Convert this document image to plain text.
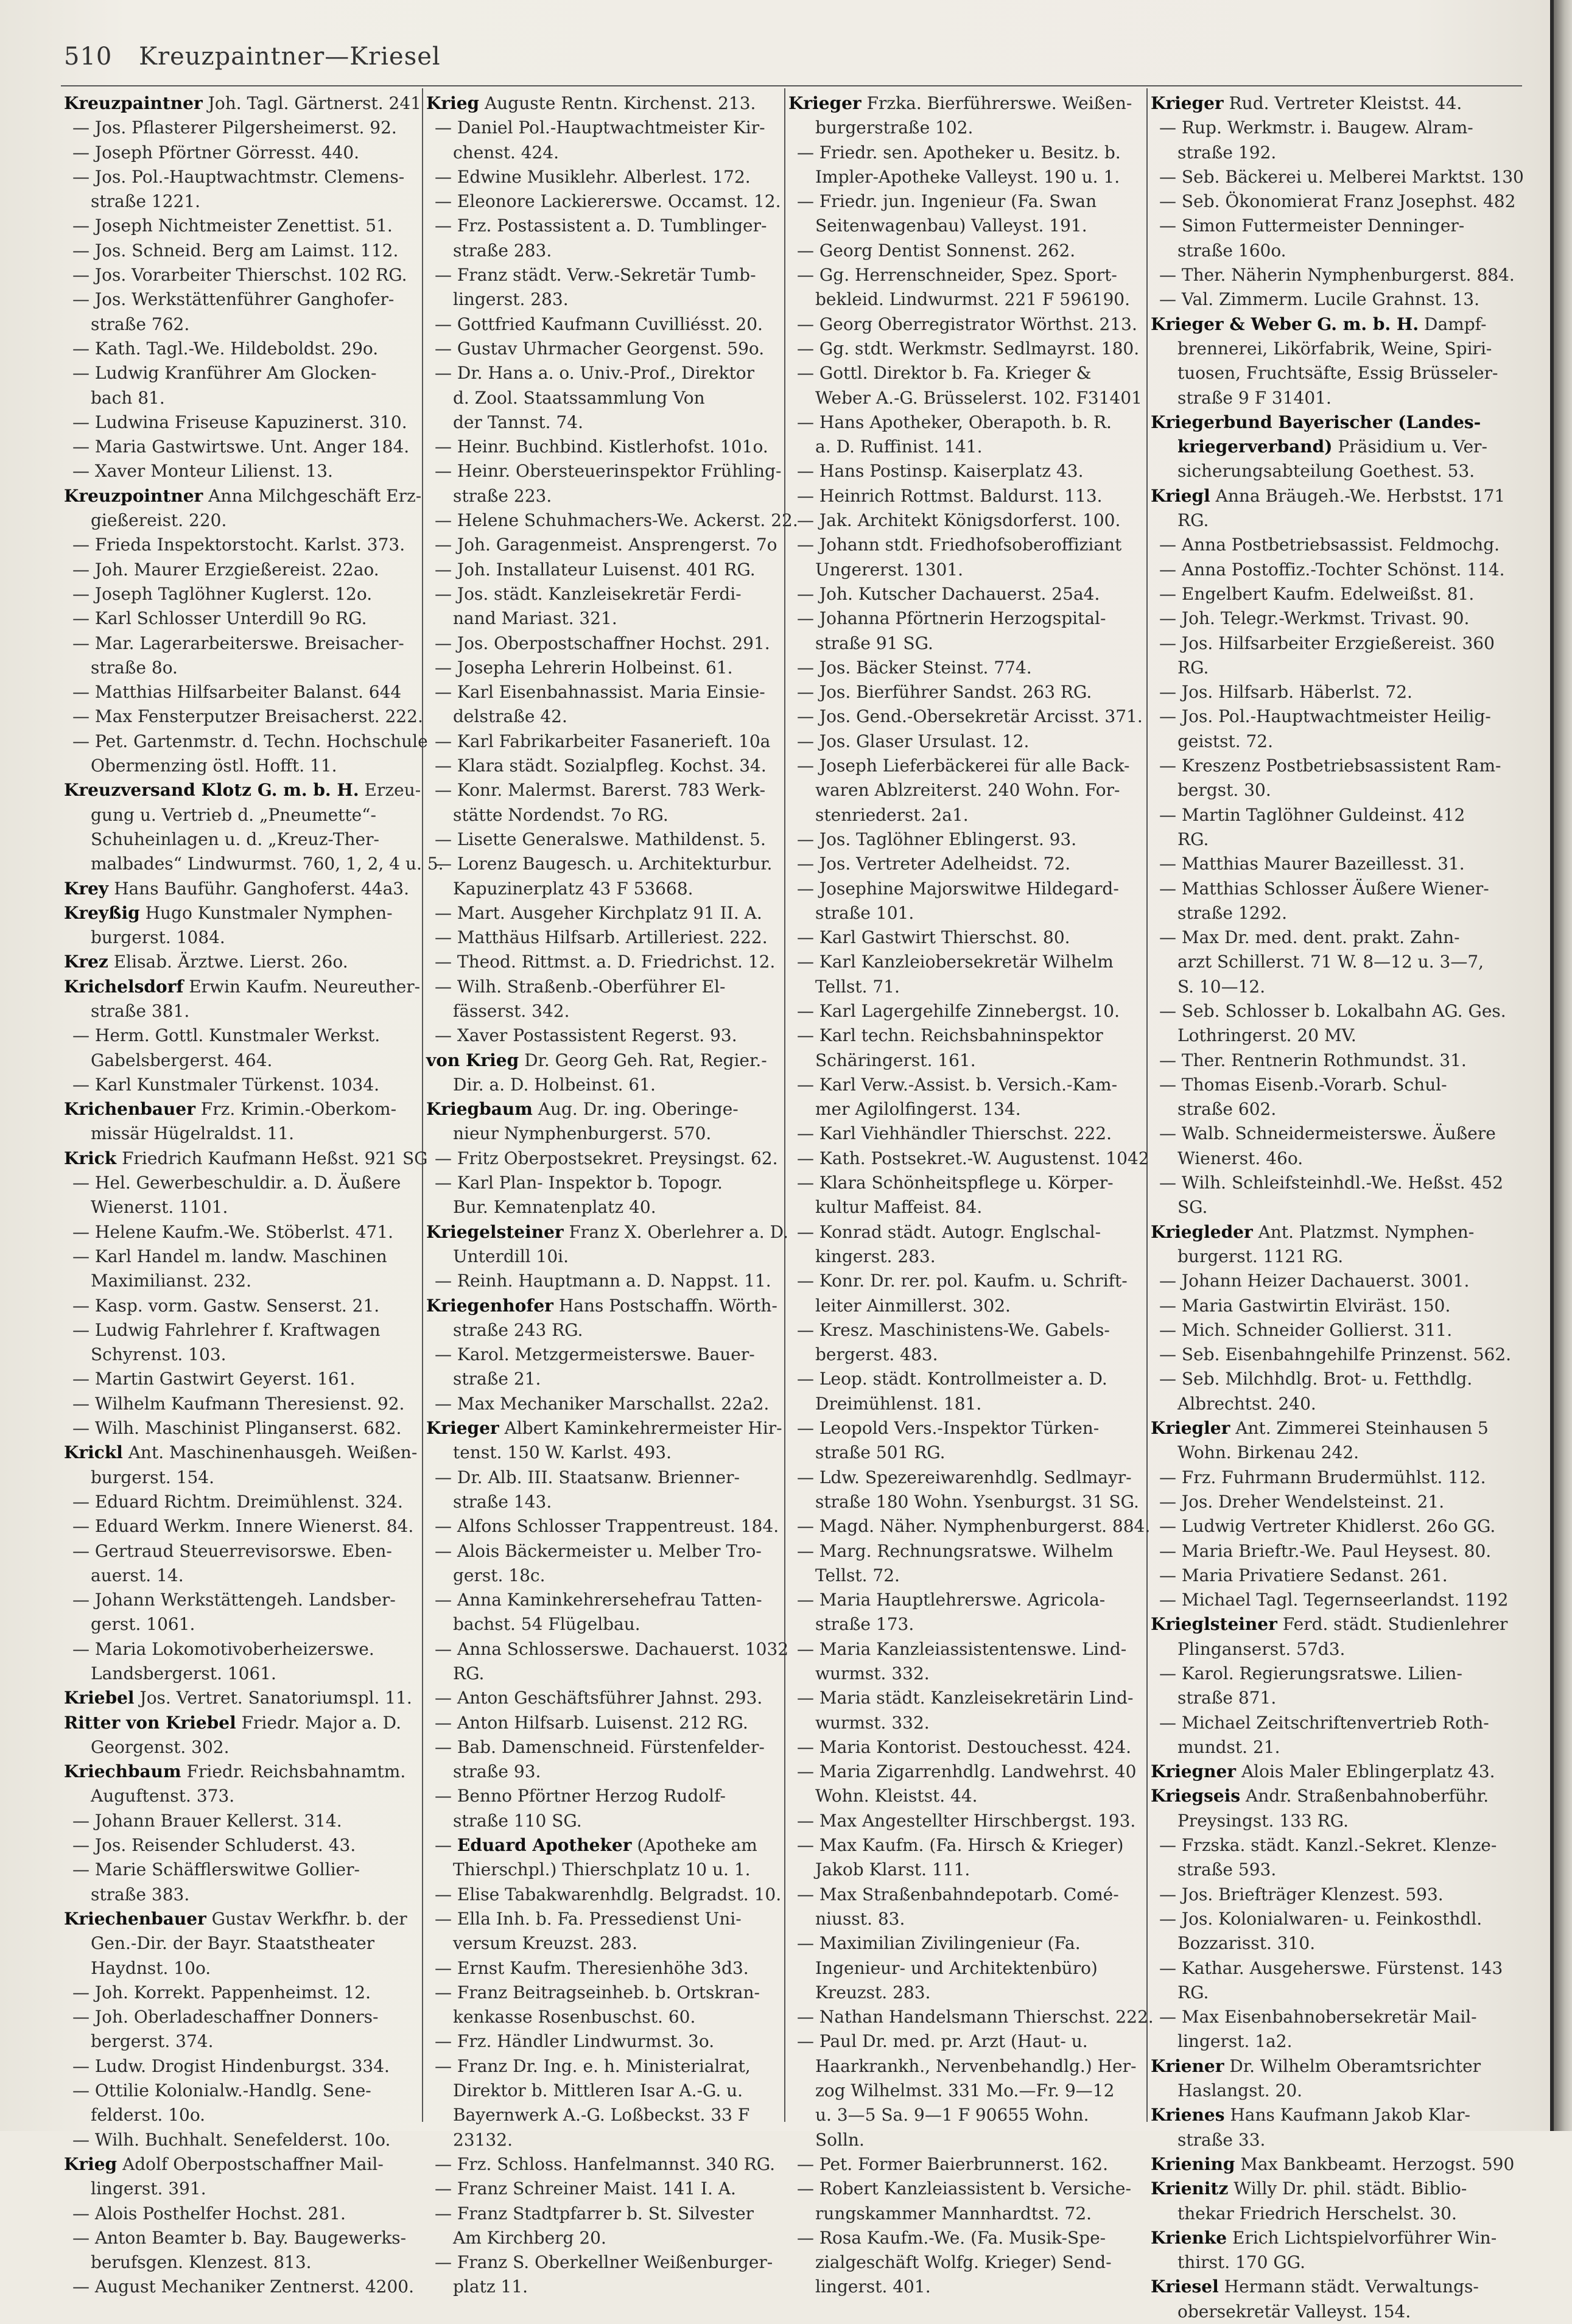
510 Kreuzpaintner—Kriesel
Kreuzpaintner Joh. Tagl. Gärtnerst. 241
— Jos. Pflasterer Pilgersheimerst. 92.
— Joseph Pförtner Görresst. 440.
— Jos. Pol.-Hauptwachtmstr. Clemens-
straße 1221.
— Joseph Nichtmeister Zenettist. 51.
— Jos. Schneid. Berg am Laimst. 112.
— Jos. Vorarbeiter Thierschst. 102 RG.
— Jos. Werkstättenführer Ganghofer-
straße 762.
— Kath. Tagl.-We. Hildeboldst. 29o.
— Ludwig Kranführer Am Glocken-
bach 81.
— Ludwina Friseuse Kapuzinerst. 310.
— Maria Gastwirtswe. Unt. Anger 184.
— Xaver Monteur Lilienst. 13.
Kreuzpointner Anna Milchgeschäft Erz-
gießereist. 220.
— Frieda Inspektorstocht. Karlst. 373.
— Joh. Maurer Erzgießereist. 22ao.
— Joseph Taglöhner Kuglerst. 12o.
— Karl Schlosser Unterdill 9o RG.
— Mar. Lagerarbeiterswe. Breisacher-
straße 8o.
— Matthias Hilfsarbeiter Balanst. 644
— Max Fensterputzer Breisacherst. 222.
— Pet. Gartenmstr. d. Techn. Hochschule
Obermenzing östl. Hofft. 11.
Kreuzversand Klotz G. m. b. H. Erzeu-
gung u. Vertrieb d. „Pneumette“-
Schuheinlagen u. d. „Kreuz-Ther-
malbades“ Lindwurmst. 760, 1, 2, 4 u. 5.
Krey Hans Bauführ. Ganghoferst. 44a3.
Kreyßig Hugo Kunstmaler Nymphen-
burgerst. 1084.
Krez Elisab. Ärztwe. Lierst. 26o.
Krichelsdorf Erwin Kaufm. Neureuther-
straße 381.
— Herm. Gottl. Kunstmaler Werkst.
Gabelsbergerst. 464.
— Karl Kunstmaler Türkenst. 1034.
Krichenbauer Frz. Krimin.-Oberkom-
missär Hügelraldst. 11.
Krick Friedrich Kaufmann Heßst. 921 SG
— Hel. Gewerbeschuldir. a. D. Äußere
Wienerst. 1101.
— Helene Kaufm.-We. Stöberlst. 471.
— Karl Handel m. landw. Maschinen
Maximilianst. 232.
— Kasp. vorm. Gastw. Senserst. 21.
— Ludwig Fahrlehrer f. Kraftwagen
Schyrenst. 103.
— Martin Gastwirt Geyerst. 161.
— Wilhelm Kaufmann Theresienst. 92.
— Wilh. Maschinist Plinganserst. 682.
Krickl Ant. Maschinenhausgeh. Weißen-
burgerst. 154.
— Eduard Richtm. Dreimühlenst. 324.
— Eduard Werkm. Innere Wienerst. 84.
— Gertraud Steuerrevisorswe. Eben-
auerst. 14.
— Johann Werkstättengeh. Landsber-
gerst. 1061.
— Maria Lokomotivoberheizerswe.
Landsbergerst. 1061.
Kriebel Jos. Vertret. Sanatoriumspl. 11.
Ritter von Kriebel Friedr. Major a. D.
Georgenst. 302.
Kriechbaum Friedr. Reichsbahnamtm.
Auguftenst. 373.
— Johann Brauer Kellerst. 314.
— Jos. Reisender Schluderst. 43.
— Marie Schäfflerswitwe Gollier-
straße 383.
Kriechenbauer Gustav Werkfhr. b. der
Gen.-Dir. der Bayr. Staatstheater
Haydnst. 10o.
— Joh. Korrekt. Pappenheimst. 12.
— Joh. Oberladeschaffner Donners-
bergerst. 374.
— Ludw. Drogist Hindenburgst. 334.
— Ottilie Kolonialw.-Handlg. Sene-
felderst. 10o.
— Wilh. Buchhalt. Senefelderst. 10o.
Krieg Adolf Oberpostschaffner Mail-
lingerst. 391.
— Alois Posthelfer Hochst. 281.
— Anton Beamter b. Bay. Baugewerks-
berufsgen. Klenzest. 813.
— August Mechaniker Zentnerst. 4200.
Krieg Auguste Rentn. Kirchenst. 213.
— Daniel Pol.-Hauptwachtmeister Kir-
chenst. 424.
— Edwine Musiklehr. Alberlest. 172.
— Eleonore Lackiererswe. Occamst. 12.
— Frz. Postassistent a. D. Tumblinger-
straße 283.
— Franz städt. Verw.-Sekretär Tumb-
lingerst. 283.
— Gottfried Kaufmann Cuvilliésst. 20.
— Gustav Uhrmacher Georgenst. 59o.
— Dr. Hans a. o. Univ.-Prof., Direktor
d. Zool. Staatssammlung Von
der Tannst. 74.
— Heinr. Buchbind. Kistlerhofst. 101o.
— Heinr. Obersteuerinspektor Frühling-
straße 223.
— Helene Schuhmachers-We. Ackerst. 22.
— Joh. Garagenmeist. Ansprengerst. 7o
— Joh. Installateur Luisenst. 401 RG.
— Jos. städt. Kanzleisekretär Ferdi-
nand Mariast. 321.
— Jos. Oberpostschaffner Hochst. 291.
— Josepha Lehrerin Holbeinst. 61.
— Karl Eisenbahnassist. Maria Einsie-
delstraße 42.
— Karl Fabrikarbeiter Fasanerieft. 10a
— Klara städt. Sozialpfleg. Kochst. 34.
— Konr. Malermst. Barerst. 783 Werk-
stätte Nordendst. 7o RG.
— Lisette Generalswe. Mathildenst. 5.
— Lorenz Baugesch. u. Architekturbur.
Kapuzinerplatz 43 F 53668.
— Mart. Ausgeher Kirchplatz 91 II. A.
— Matthäus Hilfsarb. Artilleriest. 222.
— Theod. Rittmst. a. D. Friedrichst. 12.
— Wilh. Straßenb.-Oberführer El-
fässerst. 342.
— Xaver Postassistent Regerst. 93.
von Krieg Dr. Georg Geh. Rat, Regier.-
Dir. a. D. Holbeinst. 61.
Kriegbaum Aug. Dr. ing. Oberinge-
nieur Nymphenburgerst. 570.
— Fritz Oberpostsekret. Preysingst. 62.
— Karl Plan- Inspektor b. Topogr.
Bur. Kemnatenplatz 40.
Kriegelsteiner Franz X. Oberlehrer a. D.
Unterdill 10i.
— Reinh. Hauptmann a. D. Nappst. 11.
Kriegenhofer Hans Postschaffn. Wörth-
straße 243 RG.
— Karol. Metzgermeisterswe. Bauer-
straße 21.
— Max Mechaniker Marschallst. 22a2.
Krieger Albert Kaminkehrermeister Hir-
tenst. 150 W. Karlst. 493.
— Dr. Alb. III. Staatsanw. Brienner-
straße 143.
— Alfons Schlosser Trappentreust. 184.
— Alois Bäckermeister u. Melber Tro-
gerst. 18c.
— Anna Kaminkehrersehefrau Tatten-
bachst. 54 Flügelbau.
— Anna Schlosserswe. Dachauerst. 1032
RG.
— Anton Geschäftsführer Jahnst. 293.
— Anton Hilfsarb. Luisenst. 212 RG.
— Bab. Damenschneid. Fürstenfelder-
straße 93.
— Benno Pförtner Herzog Rudolf-
straße 110 SG.
— Eduard Apotheker (Apotheke am
Thierschpl.) Thierschplatz 10 u. 1.
— Elise Tabakwarenhdlg. Belgradst. 10.
— Ella Inh. b. Fa. Pressedienst Uni-
versum Kreuzst. 283.
— Ernst Kaufm. Theresienhöhe 3d3.
— Franz Beitragseinheb. b. Ortskran-
kenkasse Rosenbuschst. 60.
— Frz. Händler Lindwurmst. 3o.
— Franz Dr. Ing. e. h. Ministerialrat,
Direktor b. Mittleren Isar A.-G. u.
Bayernwerk A.-G. Loßbeckst. 33 F
23132.
— Frz. Schloss. Hanfelmannst. 340 RG.
— Franz Schreiner Maist. 141 I. A.
— Franz Stadtpfarrer b. St. Silvester
Am Kirchberg 20.
— Franz S. Oberkellner Weißenburger-
platz 11.
Krieger Frzka. Bierführerswe. Weißen-
burgerstraße 102.
— Friedr. sen. Apotheker u. Besitz. b.
Impler-Apotheke Valleyst. 190 u. 1.
— Friedr. jun. Ingenieur (Fa. Swan
Seitenwagenbau) Valleyst. 191.
— Georg Dentist Sonnenst. 262.
— Gg. Herrenschneider, Spez. Sport-
bekleid. Lindwurmst. 221 F 596190.
— Georg Oberregistrator Wörthst. 213.
— Gg. stdt. Werkmstr. Sedlmayrst. 180.
— Gottl. Direktor b. Fa. Krieger &
Weber A.-G. Brüsselerst. 102. F31401
— Hans Apotheker, Oberapoth. b. R.
a. D. Ruffinist. 141.
— Hans Postinsp. Kaiserplatz 43.
— Heinrich Rottmst. Baldurst. 113.
— Jak. Architekt Königsdorferst. 100.
— Johann stdt. Friedhofsoberoffiziant
Ungererst. 1301.
— Joh. Kutscher Dachauerst. 25a4.
— Johanna Pförtnerin Herzogspital-
straße 91 SG.
— Jos. Bäcker Steinst. 774.
— Jos. Bierführer Sandst. 263 RG.
— Jos. Gend.-Obersekretär Arcisst. 371.
— Jos. Glaser Ursulast. 12.
— Joseph Lieferbäckerei für alle Back-
waren Ablzreiterst. 240 Wohn. For-
stenriederst. 2a1.
— Jos. Taglöhner Eblingerst. 93.
— Jos. Vertreter Adelheidst. 72.
— Josephine Majorswitwe Hildegard-
straße 101.
— Karl Gastwirt Thierschst. 80.
— Karl Kanzleiobersekretär Wilhelm
Tellst. 71.
— Karl Lagergehilfe Zinnebergst. 10.
— Karl techn. Reichsbahninspektor
Schäringerst. 161.
— Karl Verw.-Assist. b. Versich.-Kam-
mer Agilolfingerst. 134.
— Karl Viehhändler Thierschst. 222.
— Kath. Postsekret.-W. Augustenst. 1042
— Klara Schönheitspflege u. Körper-
kultur Maffeist. 84.
— Konrad städt. Autogr. Englschal-
kingerst. 283.
— Konr. Dr. rer. pol. Kaufm. u. Schrift-
leiter Ainmillerst. 302.
— Kresz. Maschinistens-We. Gabels-
bergerst. 483.
— Leop. städt. Kontrollmeister a. D.
Dreimühlenst. 181.
— Leopold Vers.-Inspektor Türken-
straße 501 RG.
— Ldw. Spezereiwarenhdlg. Sedlmayr-
straße 180 Wohn. Ysenburgst. 31 SG.
— Magd. Näher. Nymphenburgerst. 884.
— Marg. Rechnungsratswe. Wilhelm
Tellst. 72.
— Maria Hauptlehrerswe. Agricola-
straße 173.
— Maria Kanzleiassistentenswe. Lind-
wurmst. 332.
— Maria städt. Kanzleisekretärin Lind-
wurmst. 332.
— Maria Kontorist. Destouchesst. 424.
— Maria Zigarrenhdlg. Landwehrst. 40
Wohn. Kleistst. 44.
— Max Angestellter Hirschbergst. 193.
— Max Kaufm. (Fa. Hirsch & Krieger)
Jakob Klarst. 111.
— Max Straßenbahndepotarb. Comé-
niusst. 83.
— Maximilian Zivilingenieur (Fa.
Ingenieur- und Architektenbüro)
Kreuzst. 283.
— Nathan Handelsmann Thierschst. 222.
— Paul Dr. med. pr. Arzt (Haut- u.
Haarkrankh., Nervenbehandlg.) Her-
zog Wilhelmst. 331 Mo.—Fr. 9—12
u. 3—5 Sa. 9—1 F 90655 Wohn.
Solln.
— Pet. Former Baierbrunnerst. 162.
— Robert Kanzleiassistent b. Versiche-
rungskammer Mannhardtst. 72.
— Rosa Kaufm.-We. (Fa. Musik-Spe-
zialgeschäft Wolfg. Krieger) Send-
lingerst. 401.
Krieger Rud. Vertreter Kleistst. 44.
— Rup. Werkmstr. i. Baugew. Alram-
straße 192.
— Seb. Bäckerei u. Melberei Marktst. 130
— Seb. Ökonomierat Franz Josephst. 482
— Simon Futtermeister Denninger-
straße 160o.
— Ther. Näherin Nymphenburgerst. 884.
— Val. Zimmerm. Lucile Grahnst. 13.
Krieger & Weber G. m. b. H. Dampf-
brennerei, Likörfabrik, Weine, Spiri-
tuosen, Fruchtsäfte, Essig Brüsseler-
straße 9 F 31401.
Kriegerbund Bayerischer (Landes-
kriegerverband) Präsidium u. Ver-
sicherungsabteilung Goethest. 53.
Kriegl Anna Bräugeh.-We. Herbstst. 171
RG.
— Anna Postbetriebsassist. Feldmochg.
— Anna Postoffiz.-Tochter Schönst. 114.
— Engelbert Kaufm. Edelweißst. 81.
— Joh. Telegr.-Werkmst. Trivast. 90.
— Jos. Hilfsarbeiter Erzgießereist. 360
RG.
— Jos. Hilfsarb. Häberlst. 72.
— Jos. Pol.-Hauptwachtmeister Heilig-
geistst. 72.
— Kreszenz Postbetriebsassistent Ram-
bergst. 30.
— Martin Taglöhner Guldeinst. 412
RG.
— Matthias Maurer Bazeillesst. 31.
— Matthias Schlosser Äußere Wiener-
straße 1292.
— Max Dr. med. dent. prakt. Zahn-
arzt Schillerst. 71 W. 8—12 u. 3—7,
S. 10—12.
— Seb. Schlosser b. Lokalbahn AG. Ges.
Lothringerst. 20 MV.
— Ther. Rentnerin Rothmundst. 31.
— Thomas Eisenb.-Vorarb. Schul-
straße 602.
— Walb. Schneidermeisterswe. Äußere
Wienerst. 46o.
— Wilh. Schleifsteinhdl.-We. Heßst. 452
SG.
Kriegleder Ant. Platzmst. Nymphen-
burgerst. 1121 RG.
— Johann Heizer Dachauerst. 3001.
— Maria Gastwirtin Elviräst. 150.
— Mich. Schneider Gollierst. 311.
— Seb. Eisenbahngehilfe Prinzenst. 562.
— Seb. Milchhdlg. Brot- u. Fetthdlg.
Albrechtst. 240.
Kriegler Ant. Zimmerei Steinhausen 5
Wohn. Birkenau 242.
— Frz. Fuhrmann Brudermühlst. 112.
— Jos. Dreher Wendelsteinst. 21.
— Ludwig Vertreter Khidlerst. 26o GG.
— Maria Brieftr.-We. Paul Heysest. 80.
— Maria Privatiere Sedanst. 261.
— Michael Tagl. Tegernseerlandst. 1192
Krieglsteiner Ferd. städt. Studienlehrer
Plinganserst. 57d3.
— Karol. Regierungsratswe. Lilien-
straße 871.
— Michael Zeitschriftenvertrieb Roth-
mundst. 21.
Kriegner Alois Maler Eblingerplatz 43.
Kriegseis Andr. Straßenbahnoberführ.
Preysingst. 133 RG.
— Frzska. städt. Kanzl.-Sekret. Klenze-
straße 593.
— Jos. Briefträger Klenzest. 593.
— Jos. Kolonialwaren- u. Feinkosthdl.
Bozzarisst. 310.
— Kathar. Ausgeherswe. Fürstenst. 143
RG.
— Max Eisenbahnobersekretär Mail-
lingerst. 1a2.
Kriener Dr. Wilhelm Oberamtsrichter
Haslangst. 20.
Krienes Hans Kaufmann Jakob Klar-
straße 33.
Kriening Max Bankbeamt. Herzogst. 590
Krienitz Willy Dr. phil. städt. Biblio-
thekar Friedrich Herschelst. 30.
Krienke Erich Lichtspielvorführer Win-
thirst. 170 GG.
Kriesel Hermann städt. Verwaltungs-
obersekretär Valleyst. 154.
